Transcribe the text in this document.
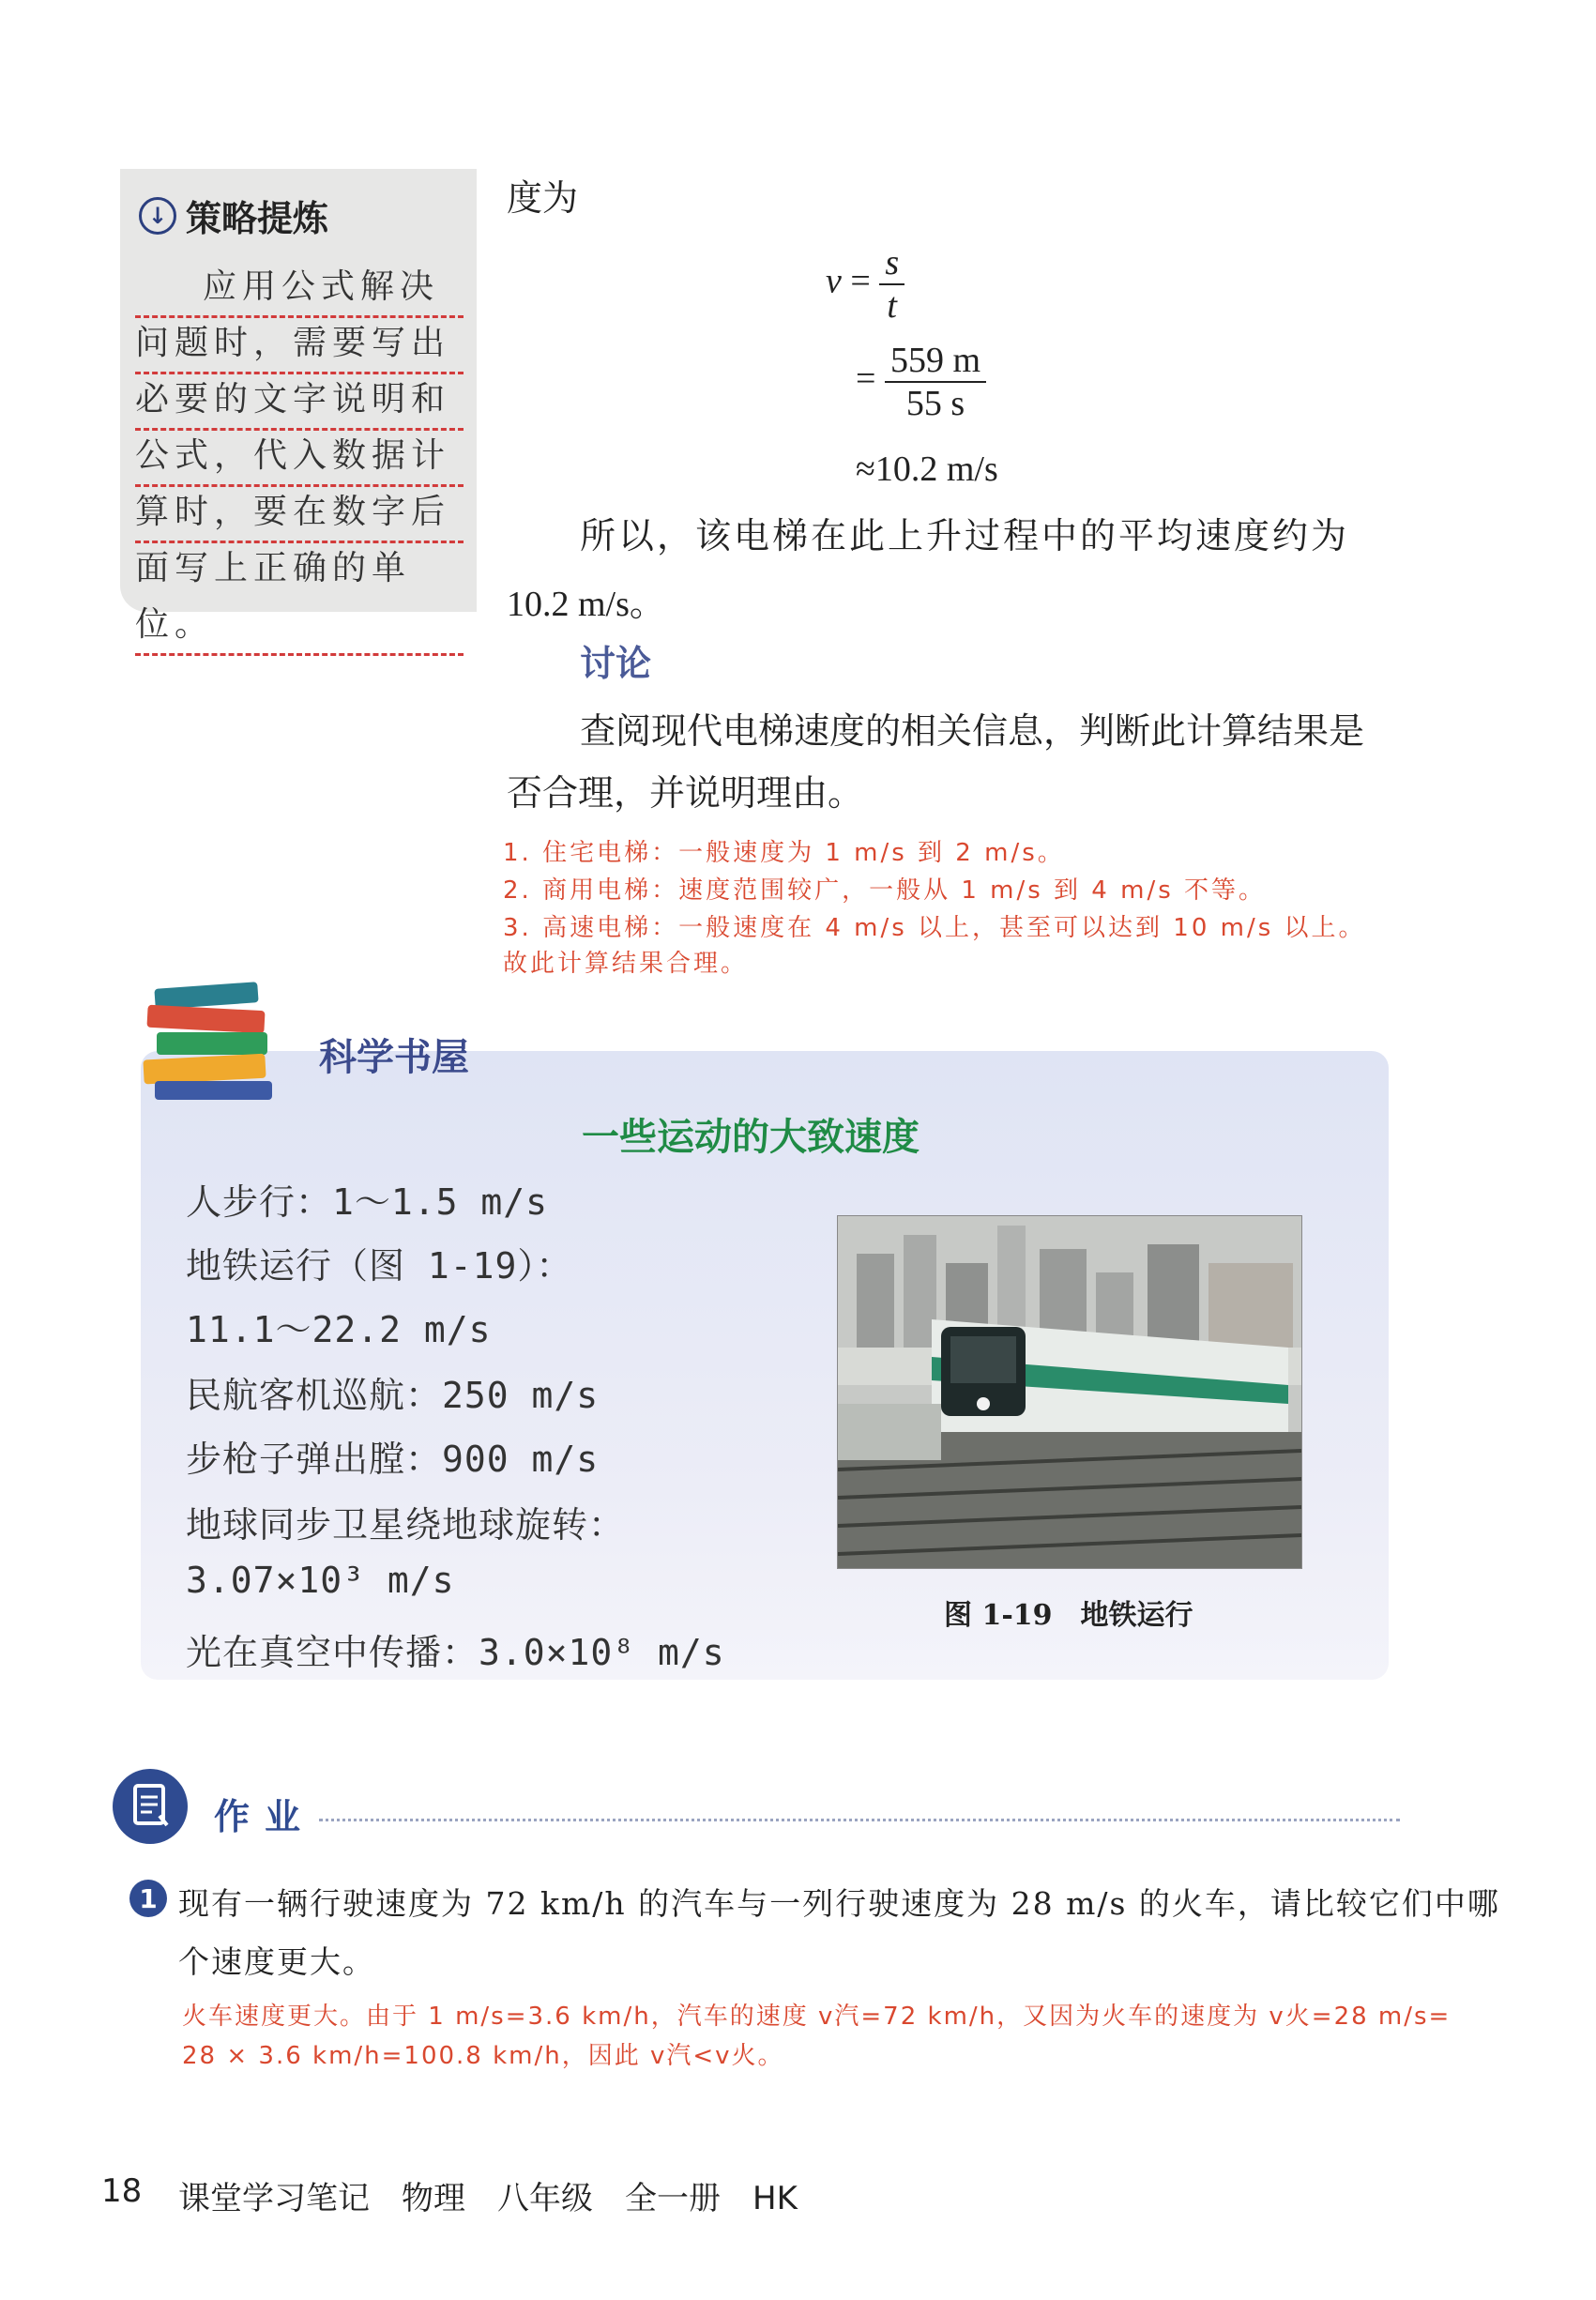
↓ 策略提炼
应用公式解决
问题时，需要写出
必要的文字说明和
公式，代入数据计
算时，要在数字后
面写上正确的单位。
度为
$v = \frac{s}{t}$
= $\frac{559 m}{55 s}$
≈10.2 m/s
所以，该电梯在此上升过程中的平均速度约为
10.2 m/s。
讨论
查阅现代电梯速度的相关信息，判断此计算结果是
否合理，并说明理由。
1. 住宅电梯：一般速度为 1 m/s 到 2 m/s。
2. 商用电梯：速度范围较广，一般从 1 m/s 到 4 m/s 不等。
3. 高速电梯：一般速度在 4 m/s 以上，甚至可以达到 10 m/s 以上。
故此计算结果合理。
科学书屋
一些运动的大致速度
人步行：1～1.5 m/s
地铁运行（图 1-19）：
11.1～22.2 m/s
民航客机巡航：250 m/s
步枪子弹出膛：900 m/s
地球同步卫星绕地球旋转：
3.07×10³ m/s
光在真空中传播：3.0×10⁸ m/s
图 1-19　地铁运行
作业
1 现有一辆行驶速度为 72 km/h 的汽车与一列行驶速度为 28 m/s 的火车，请比较它们中哪
个速度更大。
火车速度更大。由于 1 m/s=3.6 km/h，汽车的速度 v汽=72 km/h，又因为火车的速度为 v火=28 m/s=
28 × 3.6 km/h=100.8 km/h，因此 v汽<v火。
18 课堂学习笔记　物理　八年级　全一册　HK
